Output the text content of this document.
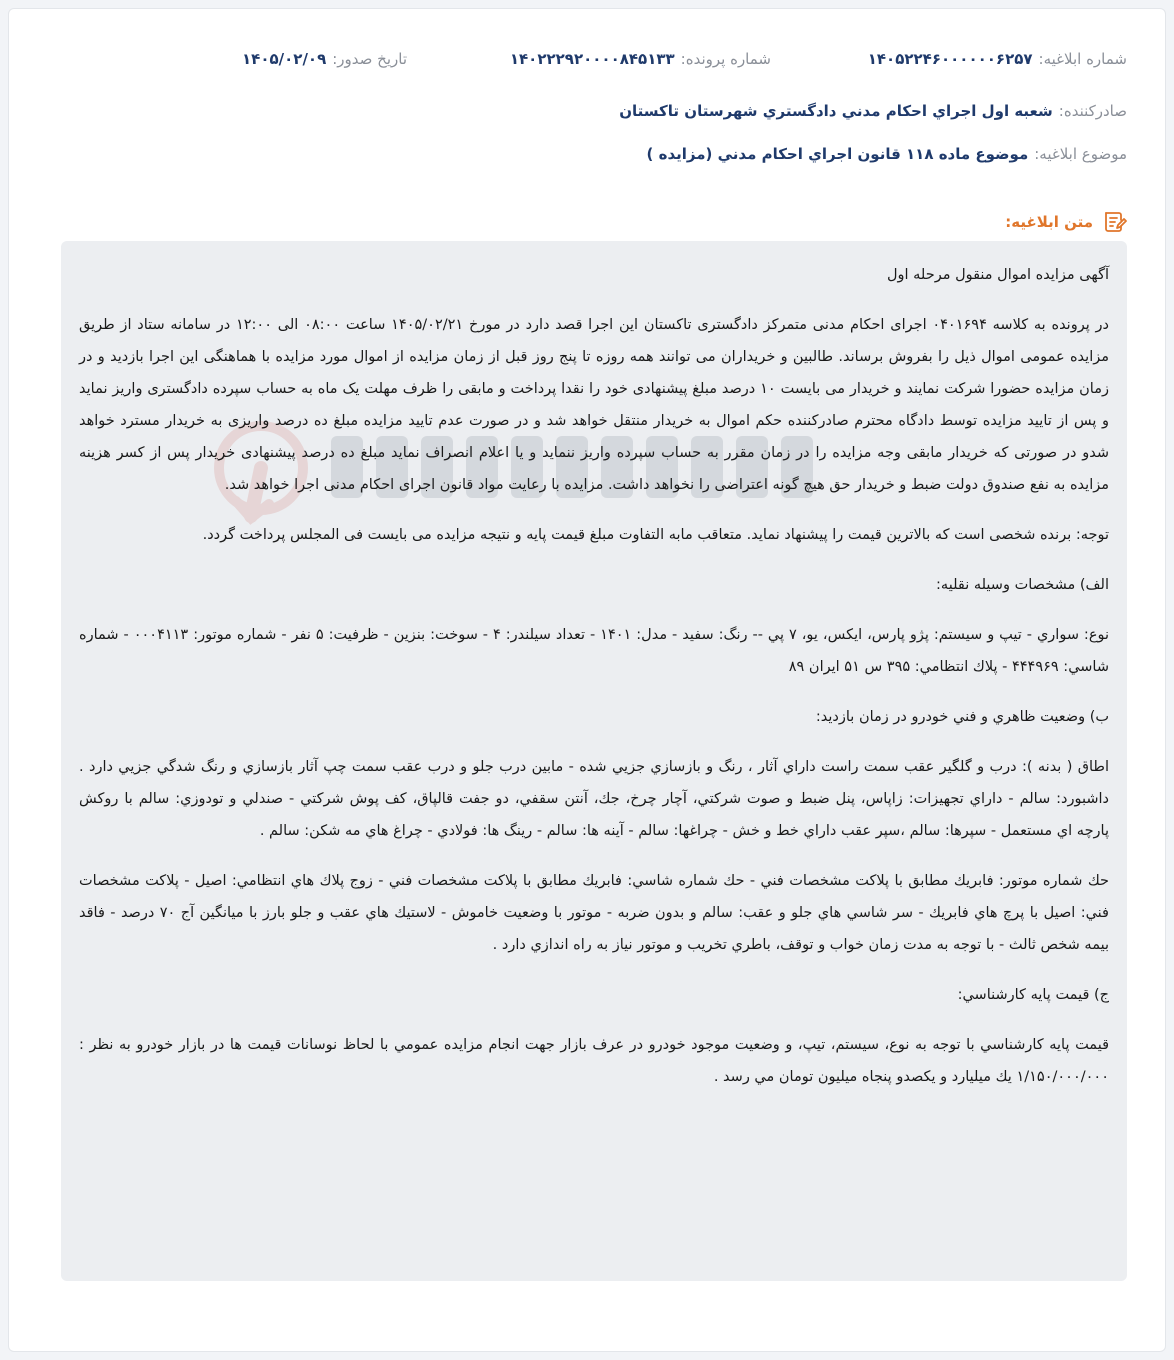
شماره ابلاغيه:
۱۴۰۵۲۲۴۶۰۰۰۰۰۰۶۲۵۷
شماره پرونده:
۱۴۰۲۲۲۹۲۰۰۰۰۸۴۵۱۳۳
تاريخ صدور:
۱۴۰۵/۰۲/۰۹
صادرکننده:
شعبه اول اجراي احکام مدني دادگستري شهرستان تاکستان
موضوع ابلاغيه:
موضوع ماده ۱۱۸ قانون اجراي احکام مدني (مزايده )
متن ابلاغيه:

آگهی مزایده اموال منقول مرحله اول

در پرونده به کلاسه ۰۴۰۱۶۹۴ اجرای احکام مدنی متمرکز دادگستری تاکستان این اجرا قصد دارد در مورخ ۱۴۰۵/۰۲/۲۱ ساعت ۰۸:۰۰ الی ۱۲:۰۰ در سامانه ستاد از طریق مزایده عمومی اموال ذیل را بفروش برساند. طالبین و خریداران می توانند همه روزه تا پنج روز قبل از زمان مزایده از اموال مورد مزایده با هماهنگی این اجرا بازدید و در زمان مزایده حضورا شرکت نمایند و خریدار می بایست ۱۰ درصد مبلغ پیشنهادی خود را نقدا پرداخت و مابقی را ظرف مهلت یک ماه به حساب سپرده دادگستری واریز نماید و پس از تایید مزایده توسط دادگاه محترم صادرکننده حکم اموال به خریدار منتقل خواهد شد و در صورت عدم تایید مزایده مبلغ ده درصد واریزی به خریدار مسترد خواهد شدو در صورتی که خریدار مابقی وجه مزایده را در زمان مقرر به حساب سپرده واریز ننماید و یا اعلام انصراف نماید مبلغ ده درصد پیشنهادی خریدار پس از کسر هزینه مزایده به نفع صندوق دولت ضبط و خریدار حق هیچ گونه اعتراضی را نخواهد داشت. مزایده با رعایت مواد قانون اجرای احکام مدنی اجرا خواهد شد.

توجه: برنده شخصی است که بالاترین قیمت را پیشنهاد نماید. متعاقب مابه التفاوت مبلغ قیمت پایه و نتیجه مزایده می بایست فی المجلس پرداخت گردد.

الف) مشخصات وسيله نقليه:

نوع: سواري - تيپ و سيستم: پژو پارس، ايکس، يو، ۷ پي -- رنگ: سفيد - مدل: ۱۴۰۱ - تعداد سيلندر: ۴ - سوخت: بنزين - ظرفيت: ۵ نفر - شماره موتور: ۰۰۰۴۱۱۳ - شماره شاسي: ۴۴۴۹۶۹ - پلاك انتظامي: ۳۹۵ س ۵۱ ايران ۸۹

ب) وضعيت ظاهري و فني خودرو در زمان بازديد:

اطاق ( بدنه ): درب و گلگير عقب سمت راست داراي آثار ، رنگ و بازسازي جزيي شده - مابين درب جلو و درب عقب سمت چپ آثار بازسازي و رنگ شدگي جزيي دارد . داشبورد: سالم - داراي تجهيزات: زاپاس، پنل ضبط و صوت شركتي، آچار چرخ، جك، آنتن سقفي، دو جفت قالپاق، كف پوش شركتي - صندلي و تودوزي: سالم با روكش پارچه اي مستعمل - سپرها: سالم ،سپر عقب داراي خط و خش - چراغها: سالم - آينه ها: سالم - رينگ ها: فولادي - چراغ هاي مه شكن: سالم .

حك شماره موتور: فابريك مطابق با پلاكت مشخصات فني - حك شماره شاسي: فابريك مطابق با پلاكت مشخصات فني - زوج پلاك هاي انتظامي: اصيل - پلاكت مشخصات فني: اصيل با پرچ هاي فابريك - سر شاسي هاي جلو و عقب: سالم و بدون ضربه - موتور با وضعيت خاموش - لاستيك هاي عقب و جلو بارز با ميانگين آج ۷۰ درصد - فاقد بيمه شخص ثالث - با توجه به مدت زمان خواب و توقف، باطري تخريب و موتور نياز به راه اندازي دارد .

ج) قيمت پايه كارشناسي:

قيمت پايه كارشناسي با توجه به نوع، سيستم، تيپ، و وضعيت موجود خودرو در عرف بازار جهت انجام مزايده عمومي با لحاظ نوسانات قيمت ها در بازار خودرو به نظر : ۱/۱۵۰/۰۰۰/۰۰۰ يك ميليارد و يكصدو پنجاه ميليون تومان مي رسد .
